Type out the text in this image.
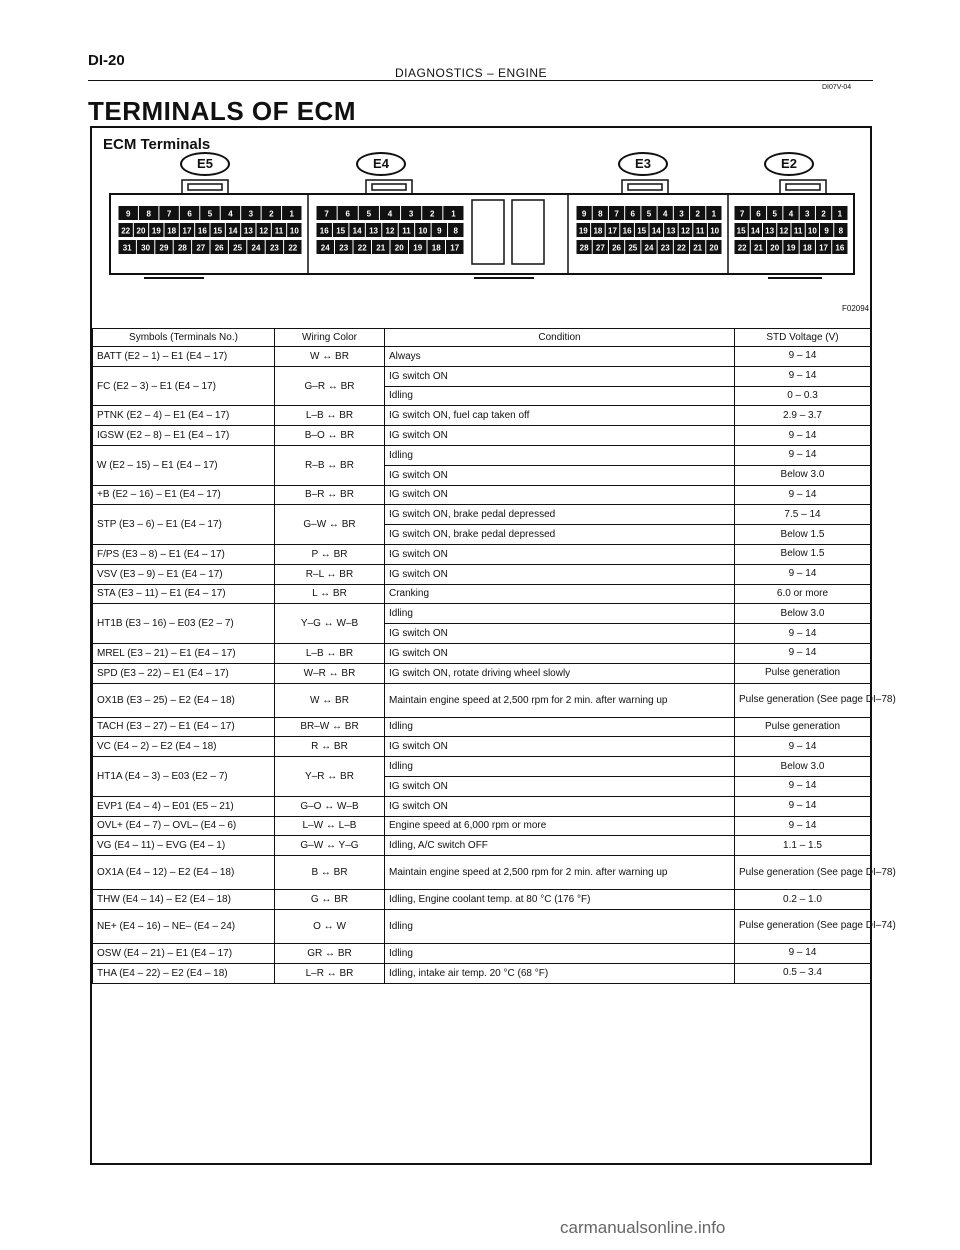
DI-20
DIAGNOSTICS – ENGINE
DI07V-04
TERMINALS OF ECM
ECM Terminals
E5	E4	E3	E2
9 8 7 6 5 4 3 2 1
22 20 19 18 17 16 15 14 13 12 11 10
31 30 29 28 27 26 25 24 23 22
7 6 5 4 3 2 1
16 15 14 13 12 11 10 9 8
24 23 22 21 20 19 18 17
9 8 7 6 5 4 3 2 1
19 18 17 16 15 14 13 12 11 10
28 27 26 25 24 23 22 21 20
7 6 5 4 3 2 1
15 14 13 12 11 10 9 8
22 21 20 19 18 17 16
F02094
Symbols (Terminals No.)	Wiring Color	Condition	STD Voltage (V)
BATT (E2 – 1) – E1 (E4 – 17)	W ↔ BR	Always	9 – 14
FC (E2 – 3) – E1 (E4 – 17)	G–R ↔ BR	IG switch ON	9 – 14
		Idling	0 – 0.3
PTNK (E2 – 4) – E1 (E4 – 17)	L–B ↔ BR	IG switch ON, fuel cap taken off	2.9 – 3.7
IGSW (E2 – 8) – E1 (E4 – 17)	B–O ↔ BR	IG switch ON	9 – 14
W (E2 – 15) – E1 (E4 – 17)	R–B ↔ BR	Idling	9 – 14
		IG switch ON	Below 3.0
+B (E2 – 16) – E1 (E4 – 17)	B–R ↔ BR	IG switch ON	9 – 14
STP (E3 – 6) – E1 (E4 – 17)	G–W ↔ BR	IG switch ON, brake pedal depressed	7.5 – 14
		IG switch ON, brake pedal depressed	Below 1.5
F/PS (E3 – 8) – E1 (E4 – 17)	P ↔ BR	IG switch ON	Below 1.5
VSV (E3 – 9) – E1 (E4 – 17)	R–L ↔ BR	IG switch ON	9 – 14
STA (E3 – 11) – E1 (E4 – 17)	L ↔ BR	Cranking	6.0 or more
HT1B (E3 – 16) – E03 (E2 – 7)	Y–G ↔ W–B	Idling	Below 3.0
		IG switch ON	9 – 14
MREL (E3 – 21) – E1 (E4 – 17)	L–B ↔ BR	IG switch ON	9 – 14
SPD (E3 – 22) – E1 (E4 – 17)	W–R ↔ BR	IG switch ON, rotate driving wheel slowly	Pulse generation
OX1B (E3 – 25) – E2 (E4 – 18)	W ↔ BR	Maintain engine speed at 2,500 rpm for 2 min. after warning up	Pulse generation (See page DI–78)
TACH (E3 – 27) – E1 (E4 – 17)	BR–W ↔ BR	Idling	Pulse generation
VC (E4 – 2) – E2 (E4 – 18)	R ↔ BR	IG switch ON	9 – 14
HT1A (E4 – 3) – E03 (E2 – 7)	Y–R ↔ BR	Idling	Below 3.0
		IG switch ON	9 – 14
EVP1 (E4 – 4) – E01 (E5 – 21)	G–O ↔ W–B	IG switch ON	9 – 14
OVL+ (E4 – 7) – OVL– (E4 – 6)	L–W ↔ L–B	Engine speed at 6,000 rpm or more	9 – 14
VG (E4 – 11) – EVG (E4 – 1)	G–W ↔ Y–G	Idling, A/C switch OFF	1.1 – 1.5
OX1A (E4 – 12) – E2 (E4 – 18)	B ↔ BR	Maintain engine speed at 2,500 rpm for 2 min. after warning up	Pulse generation (See page DI–78)
THW (E4 – 14) – E2 (E4 – 18)	G ↔ BR	Idling, Engine coolant temp. at 80 °C (176 °F)	0.2 – 1.0
NE+ (E4 – 16) – NE– (E4 – 24)	O ↔ W	Idling	Pulse generation (See page DI–74)
OSW (E4 – 21) – E1 (E4 – 17)	GR ↔ BR	Idling	9 – 14
THA (E4 – 22) – E2 (E4 – 18)	L–R ↔ BR	Idling, intake air temp. 20 °C (68 °F)	0.5 – 3.4
carmanualsonline.info
